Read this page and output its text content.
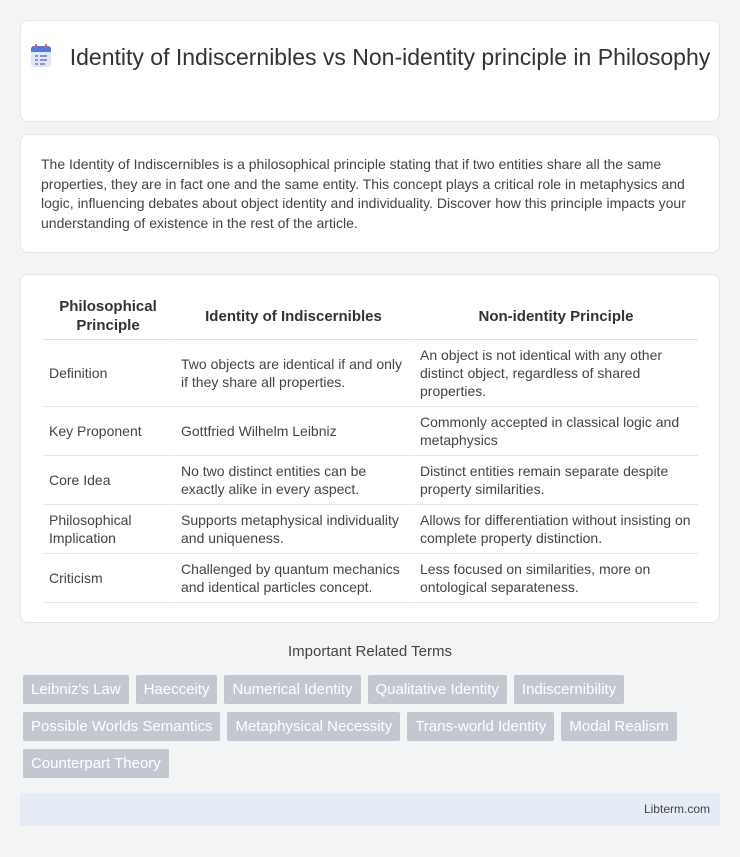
Identity of Indiscernibles vs Non-identity principle in Philosophy

The Identity of Indiscernibles is a philosophical principle stating that if two entities share all the same properties, they are in fact one and the same entity. This concept plays a critical role in metaphysics and logic, influencing debates about object identity and individuality. Discover how this principle impacts your understanding of existence in the rest of the article.

Philosophical Principle	Identity of Indiscernibles	Non-identity Principle
Definition	Two objects are identical if and only if they share all properties.	An object is not identical with any other distinct object, regardless of shared properties.
Key Proponent	Gottfried Wilhelm Leibniz	Commonly accepted in classical logic and metaphysics
Core Idea	No two distinct entities can be exactly alike in every aspect.	Distinct entities remain separate despite property similarities.
Philosophical Implication	Supports metaphysical individuality and uniqueness.	Allows for differentiation without insisting on complete property distinction.
Criticism	Challenged by quantum mechanics and identical particles concept.	Less focused on similarities, more on ontological separateness.
Important Related Terms
Leibniz's Law	Haecceity	Numerical Identity	Qualitative Identity	Indiscernibility
Possible Worlds Semantics	Metaphysical Necessity	Trans-world Identity	Modal Realism
Counterpart Theory
Libterm.com
